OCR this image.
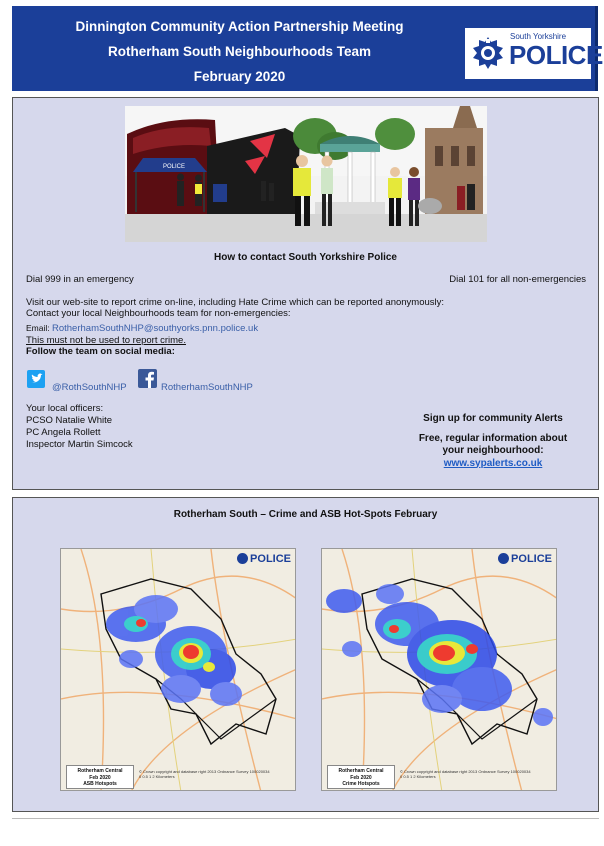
Dinnington Community Action Partnership Meeting
Rotherham South Neighbourhoods Team
February 2020
South Yorkshire
POLICE
POLICE
How to contact South Yorkshire Police
Dial 999 in an emergency	Dial 101 for all non-emergencies
Visit our web-site to report crime on-line, including Hate Crime which can be reported anonymously:
Contact your local Neighbourhoods team for non-emergencies:
Email: RotherhamSouthNHP@southyorks.pnn.police.uk
This must not be used to report crime.
Follow the team on social media:
@RothSouthNHP	RotherhamSouthNHP
Your local officers:
PCSO Natalie White
PC Angela Rollett
Inspector Martin Simcock
Sign up for community Alerts
Free, regular information about
your neighbourhood:
www.sypalerts.co.uk
Rotherham South – Crime and ASB Hot-Spots February
POLICE
Rotherham Central
Feb 2020
ASB Hotspots
© Crown copyright and database right 2013 Ordnance Survey 100020034
0 0.5 1 2 Kilometers
POLICE
Rotherham Central
Feb 2020
Crime Hotspots
© Crown copyright and database right 2013 Ordnance Survey 100020034
0 0.5 1 2 Kilometers
